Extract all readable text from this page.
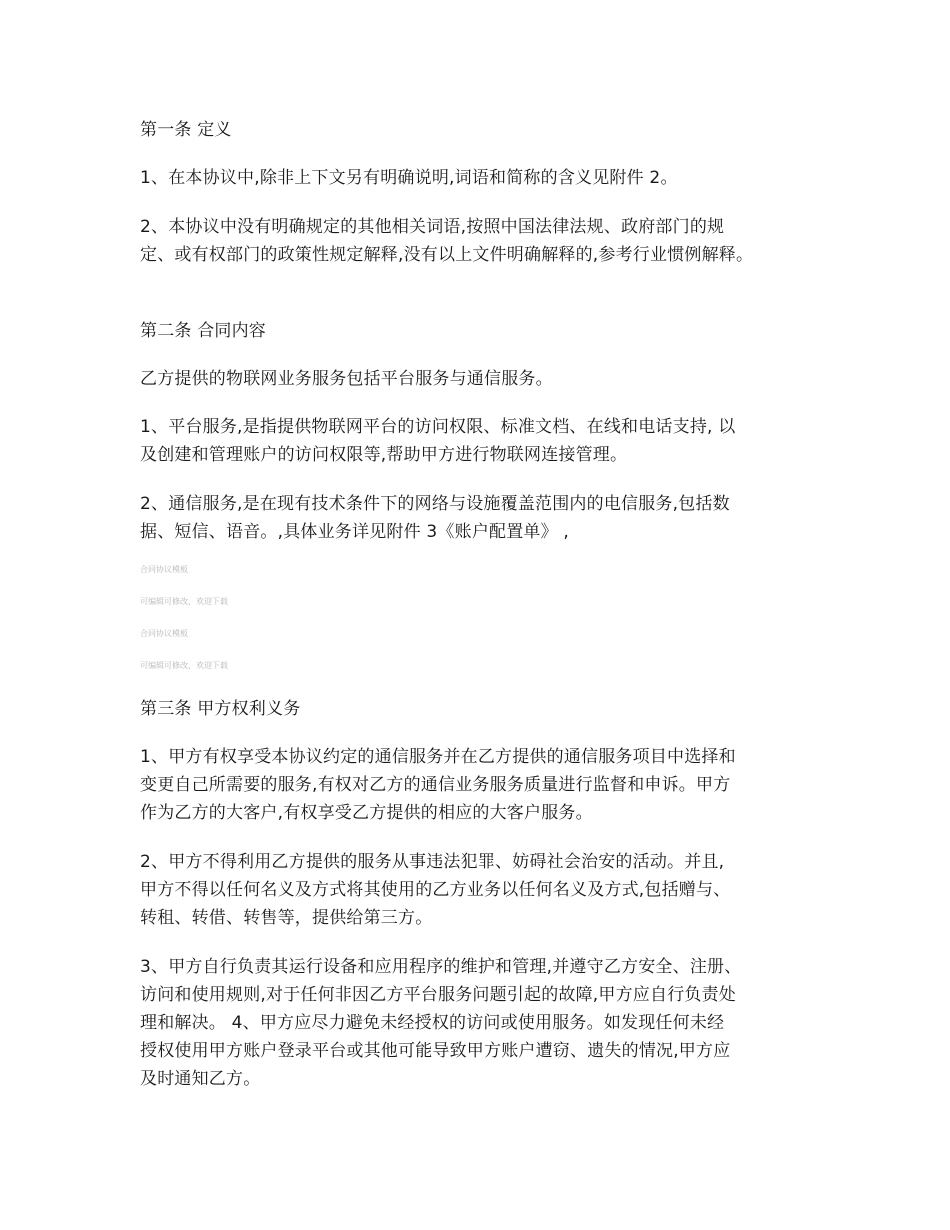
第一条 定义
1、在本协议中,除非上下文另有明确说明,词语和简称的含义见附件 2。
2、本协议中没有明确规定的其他相关词语,按照中国法律法规、政府部门的规
定、或有权部门的政策性规定解释,没有以上文件明确解释的,参考行业惯例解释。
第二条 合同内容
乙方提供的物联网业务服务包括平台服务与通信服务。
1、平台服务,是指提供物联网平台的访问权限、标准文档、在线和电话支持, 以
及创建和管理账户的访问权限等,帮助甲方进行物联网连接管理。
2、通信服务,是在现有技术条件下的网络与设施覆盖范围内的电信服务,包括数
据、短信、语音。,具体业务详见附件 3《账户配置单》 ,
合同协议模板
可编辑可修改，欢迎下载
合同协议模板
可编辑可修改，欢迎下载
第三条 甲方权利义务
1、甲方有权享受本协议约定的通信服务并在乙方提供的通信服务项目中选择和
变更自己所需要的服务,有权对乙方的通信业务服务质量进行监督和申诉。甲方
作为乙方的大客户,有权享受乙方提供的相应的大客户服务。
2、甲方不得利用乙方提供的服务从事违法犯罪、妨碍社会治安的活动。并且,
甲方不得以任何名义及方式将其使用的乙方业务以任何名义及方式,包括赠与、
转租、转借、转售等，提供给第三方。
3、甲方自行负责其运行设备和应用程序的维护和管理,并遵守乙方安全、注册、
访问和使用规则,对于任何非因乙方平台服务问题引起的故障,甲方应自行负责处
理和解决。 4、甲方应尽力避免未经授权的访问或使用服务。如发现任何未经
授权使用甲方账户登录平台或其他可能导致甲方账户遭窃、遗失的情况,甲方应
及时通知乙方。
